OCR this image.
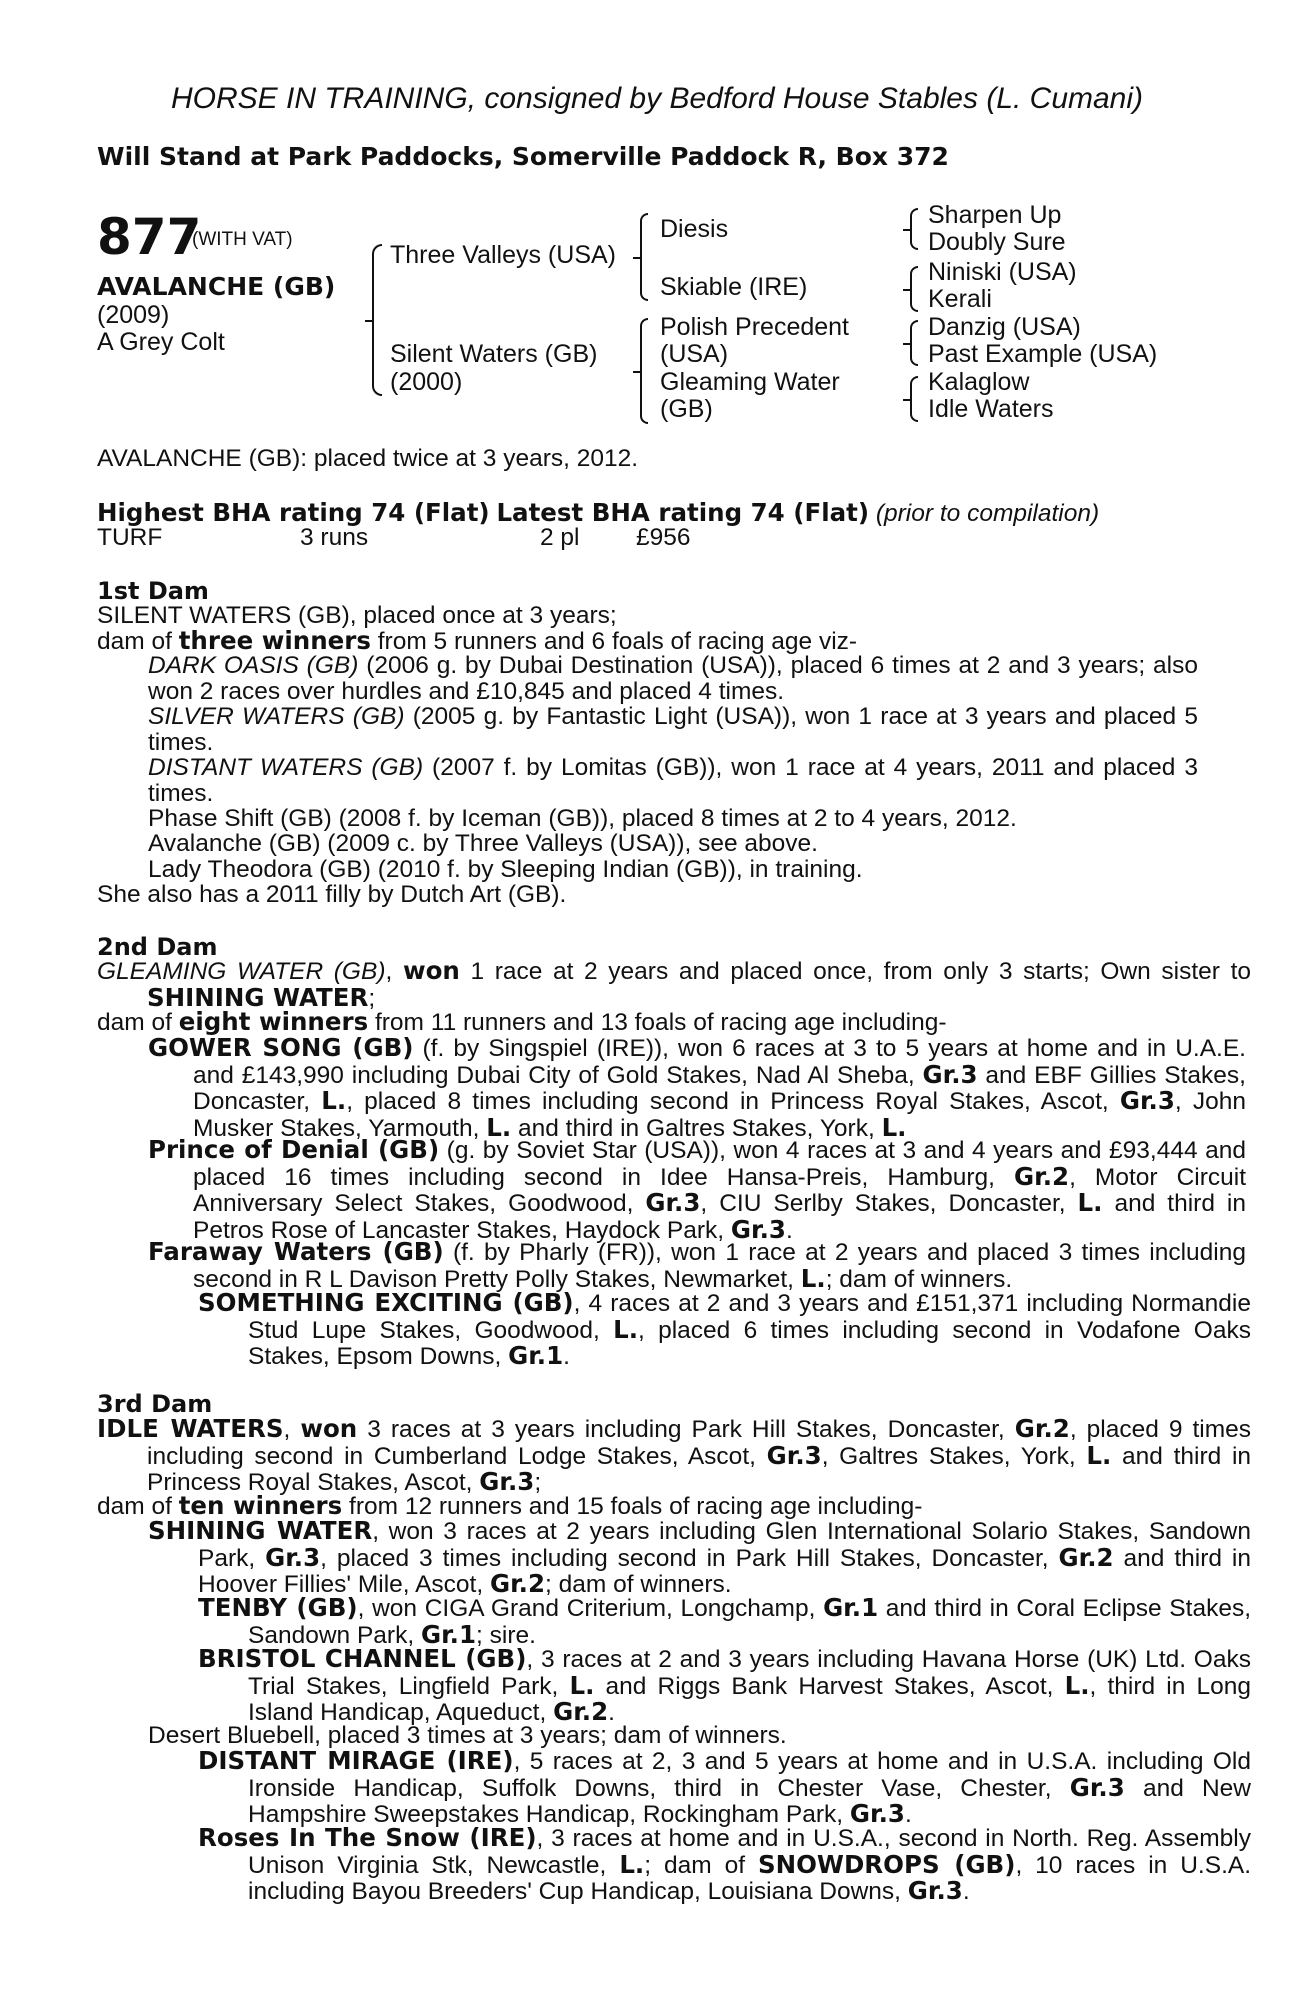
HORSE IN TRAINING, consigned by Bedford House Stables (L. Cumani)
Will Stand at Park Paddocks, Somerville Paddock R, Box 372
877
(WITH VAT)
AVALANCHE (GB)
(2009)
A Grey Colt
Three Valleys (USA)
Silent Waters (GB)
(2000)
Diesis
Skiable (IRE)
Polish Precedent
(USA)
Gleaming Water
(GB)
Sharpen Up
Doubly Sure
Niniski (USA)
Kerali
Danzig (USA)
Past Example (USA)
Kalaglow
Idle Waters
AVALANCHE (GB): placed twice at 3 years, 2012.
Highest BHA rating 74 (Flat) Latest BHA rating 74 (Flat) (prior to compilation)
TURF	3 runs	2 pl £956
1st Dam
SILENT WATERS (GB), placed once at 3 years;
dam of three winners from 5 runners and 6 foals of racing age viz-
DARK OASIS (GB) (2006 g. by Dubai Destination (USA)), placed 6 times at 2 and 3 years; also won 2 races over hurdles and £10,845 and placed 4 times.
SILVER WATERS (GB) (2005 g. by Fantastic Light (USA)), won 1 race at 3 years and placed 5 times.
DISTANT WATERS (GB) (2007 f. by Lomitas (GB)), won 1 race at 4 years, 2011 and placed 3 times.
Phase Shift (GB) (2008 f. by Iceman (GB)), placed 8 times at 2 to 4 years, 2012.
Avalanche (GB) (2009 c. by Three Valleys (USA)), see above.
Lady Theodora (GB) (2010 f. by Sleeping Indian (GB)), in training.
She also has a 2011 filly by Dutch Art (GB).
2nd Dam
GLEAMING WATER (GB), won 1 race at 2 years and placed once, from only 3 starts; Own sister to SHINING WATER;
dam of eight winners from 11 runners and 13 foals of racing age including-
GOWER SONG (GB) (f. by Singspiel (IRE)), won 6 races at 3 to 5 years at home and in U.A.E. and £143,990 including Dubai City of Gold Stakes, Nad Al Sheba, Gr.3 and EBF Gillies Stakes, Doncaster, L., placed 8 times including second in Princess Royal Stakes, Ascot, Gr.3, John Musker Stakes, Yarmouth, L. and third in Galtres Stakes, York, L.
Prince of Denial (GB) (g. by Soviet Star (USA)), won 4 races at 3 and 4 years and £93,444 and placed 16 times including second in Idee Hansa-Preis, Hamburg, Gr.2, Motor Circuit Anniversary Select Stakes, Goodwood, Gr.3, CIU Serlby Stakes, Doncaster, L. and third in Petros Rose of Lancaster Stakes, Haydock Park, Gr.3.
Faraway Waters (GB) (f. by Pharly (FR)), won 1 race at 2 years and placed 3 times including second in R L Davison Pretty Polly Stakes, Newmarket, L.; dam of winners.
SOMETHING EXCITING (GB), 4 races at 2 and 3 years and £151,371 including Normandie Stud Lupe Stakes, Goodwood, L., placed 6 times including second in Vodafone Oaks Stakes, Epsom Downs, Gr.1.
3rd Dam
IDLE WATERS, won 3 races at 3 years including Park Hill Stakes, Doncaster, Gr.2, placed 9 times including second in Cumberland Lodge Stakes, Ascot, Gr.3, Galtres Stakes, York, L. and third in Princess Royal Stakes, Ascot, Gr.3;
dam of ten winners from 12 runners and 15 foals of racing age including-
SHINING WATER, won 3 races at 2 years including Glen International Solario Stakes, Sandown Park, Gr.3, placed 3 times including second in Park Hill Stakes, Doncaster, Gr.2 and third in Hoover Fillies' Mile, Ascot, Gr.2; dam of winners.
TENBY (GB), won CIGA Grand Criterium, Longchamp, Gr.1 and third in Coral Eclipse Stakes, Sandown Park, Gr.1; sire.
BRISTOL CHANNEL (GB), 3 races at 2 and 3 years including Havana Horse (UK) Ltd. Oaks Trial Stakes, Lingfield Park, L. and Riggs Bank Harvest Stakes, Ascot, L., third in Long Island Handicap, Aqueduct, Gr.2.
Desert Bluebell, placed 3 times at 3 years; dam of winners.
DISTANT MIRAGE (IRE), 5 races at 2, 3 and 5 years at home and in U.S.A. including Old Ironside Handicap, Suffolk Downs, third in Chester Vase, Chester, Gr.3 and New Hampshire Sweepstakes Handicap, Rockingham Park, Gr.3.
Roses In The Snow (IRE), 3 races at home and in U.S.A., second in North. Reg. Assembly Unison Virginia Stk, Newcastle, L.; dam of SNOWDROPS (GB), 10 races in U.S.A. including Bayou Breeders' Cup Handicap, Louisiana Downs, Gr.3.
